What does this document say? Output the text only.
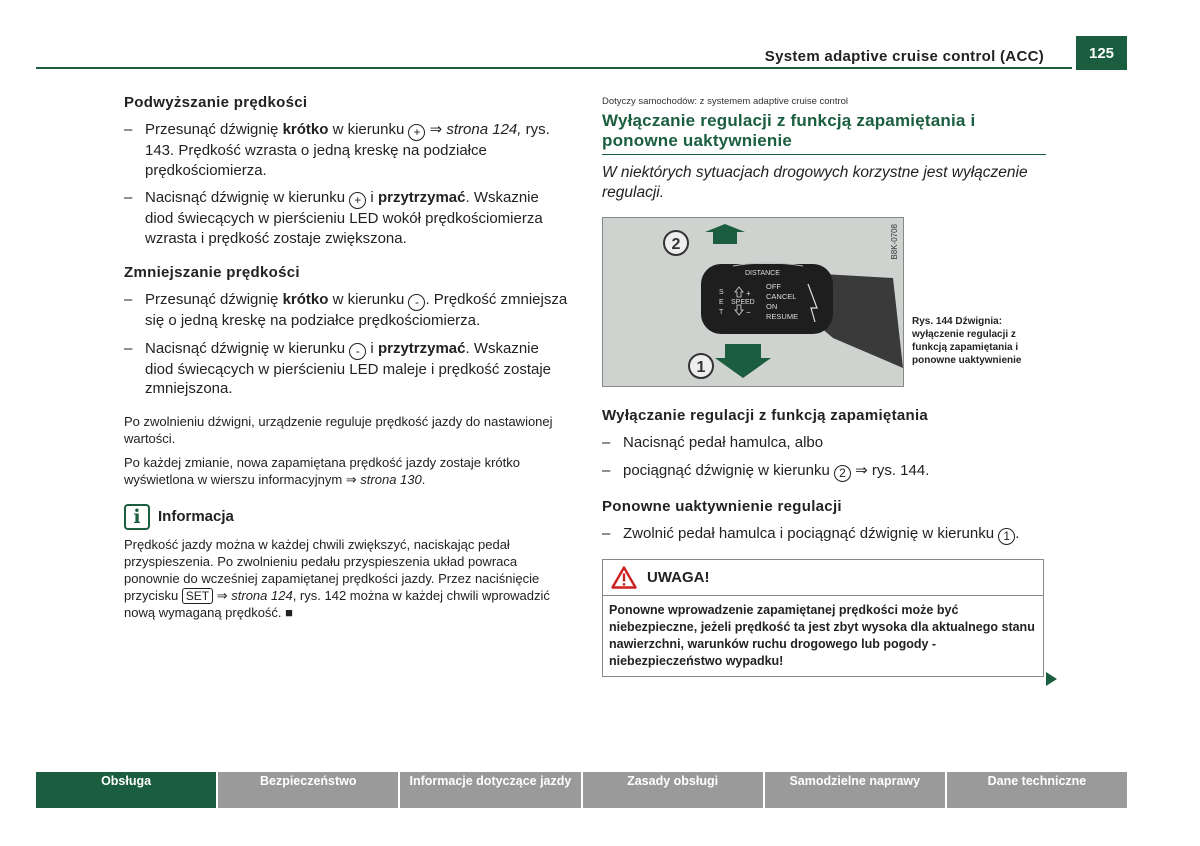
System adaptive cruise control (ACC)	125
Podwyższanie prędkości
– Przesunąć dźwignię krótko w kierunku + ⇒ strona 124, rys. 143. Prędkość wzrasta o jedną kreskę na podziałce prędkościomierza.
– Nacisnąć dźwignię w kierunku + i przytrzymać. Wskaznie diod świecących w pierścieniu LED wokół prędkościomierza wzrasta i prędkość zostaje zwiększona.
Zmniejszanie prędkości
– Przesunąć dźwignię krótko w kierunku - . Prędkość zmniejsza się o jedną kreskę na podziałce prędkościomierza.
– Nacisnąć dźwignię w kierunku - i przytrzymać. Wskaznie diod świecących w pierścieniu LED maleje i prędkość zostaje zmniejszona.

Po zwolnieniu dźwigni, urządzenie reguluje prędkość jazdy do nastawionej wartości.

Po każdej zmianie, nowa zapamiętana prędkość jazdy zostaje krótko wyświetlona w wierszu informacyjnym ⇒ strona 130.

i	Informacja

Prędkość jazdy można w każdej chwili zwiększyć, naciskając pedał przyspieszenia. Po zwolnieniu pedału przyspieszenia układ powraca ponownie do wcześniej zapamiętanej prędkości jazdy. Przez naciśnięcie przycisku SET ⇒ strona 124, rys. 142 można w każdej chwili wprowadzić nową wymaganą prędkość. ■

Dotyczy samochodów: z systemem adaptive cruise control
Wyłączanie regulacji z funkcją zapamiętania i ponowne uaktywnienie
W niektórych sytuacjach drogowych korzystne jest wyłączenie regulacji.
B8K-0708
DISTANCE
S
E
T
+
SPEED
−
OFF
CANCEL
ON
RESUME
2
1
Rys. 144 Dźwignia: wyłączenie regulacji z funkcją zapamiętania i ponowne uaktywnienie
Wyłączanie regulacji z funkcją zapamiętania
– Nacisnąć pedał hamulca, albo
– pociągnąć dźwignię w kierunku 2 ⇒ rys. 144.
Ponowne uaktywnienie regulacji
– Zwolnić pedał hamulca i pociągnąć dźwignię w kierunku 1 .
UWAGA!
Ponowne wprowadzenie zapamiętanej prędkości może być niebezpieczne, jeżeli prędkość ta jest zbyt wysoka dla aktualnego stanu nawierzchni, warunków ruchu drogowego lub pogody - niebezpieczeństwo wypadku!
Obsługa	Bezpieczeństwo	Informacje dotyczące jazdy	Zasady obsługi	Samodzielne naprawy	Dane techniczne
